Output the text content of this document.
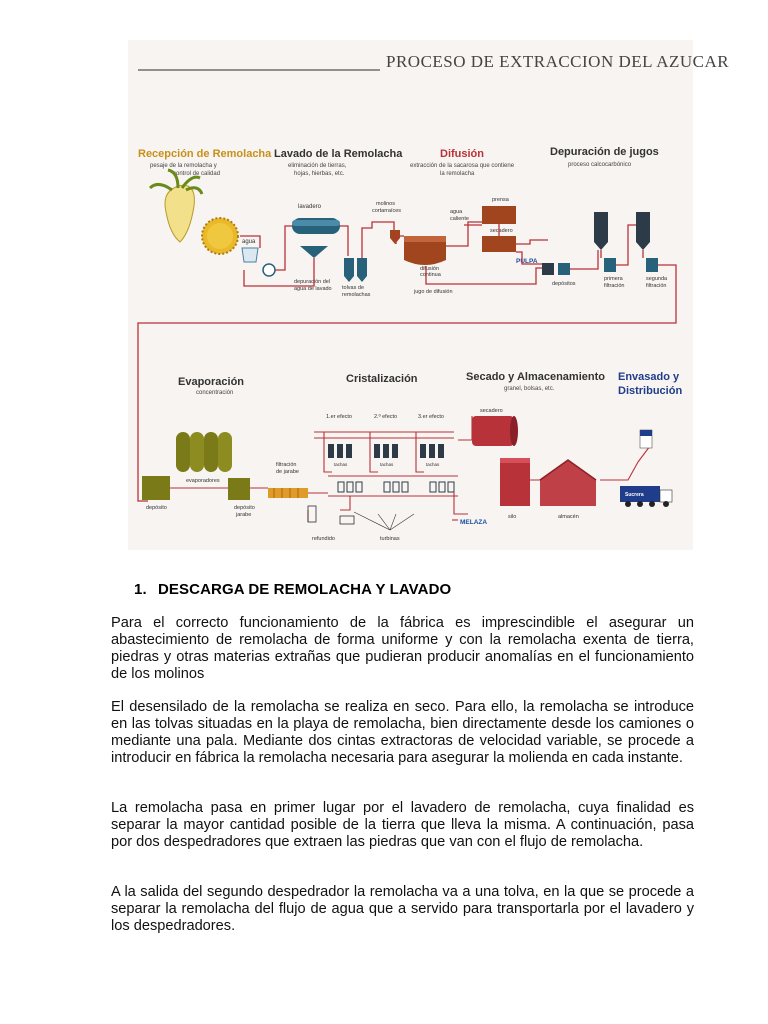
PROCESO DE EXTRACCION DEL AZUCAR
Recepción de Remolacha
pesaje de la remolacha y
control de calidad
Lavado de la Remolacha
eliminación de tierras,
hojas, hierbas, etc.
Difusión
extracción de la sacarosa que contiene
la remolacha
Depuración de jugos
proceso calcocarbónico
agua
lavadero
depuración del
agua de lavado tolvas de
remolachas
molinos
cortarraíces
difusión
continua
jugo de difusión
agua
caliente
prensa
secadero
PULPA
depósitos
primera
filtración
segunda
filtración
Evaporación
concentración
Cristalización	Secado y Almacenamiento
granel, bolsas, etc.
Envasado y
Distribución
evaporadores
depósito	depósito
jarabe
filtración
de jarabe
1.er efecto	2.º efecto	3.er efecto
tachas	tachas	tachas
refundido	turbinas
MELAZA
secadero
silo	almacén
Sucrera
1. DESCARGA DE REMOLACHA Y LAVADO

Para el correcto funcionamiento de la fábrica es imprescindible el asegurar un abastecimiento de remolacha de forma uniforme y con la remolacha exenta de tierra, piedras y otras materias extrañas que pudieran producir anomalías en el funcionamiento de los molinos

El desensilado de la remolacha se realiza en seco. Para ello, la remolacha se introduce en las tolvas situadas en la playa de remolacha, bien directamente desde los camiones o mediante una pala. Mediante dos cintas extractoras de velocidad variable, se procede a introducir en fábrica la remolacha necesaria para asegurar la molienda en cada instante.

La remolacha pasa en primer lugar por el lavadero de remolacha, cuya finalidad es separar la mayor cantidad posible de la tierra que lleva la misma. A continuación, pasa por dos despedradores que extraen las piedras que van con el flujo de remolacha.

A la salida del segundo despedrador la remolacha va a una tolva, en la que se procede a separar la remolacha del flujo de agua que a servido para transportarla por el lavadero y los despedradores.
